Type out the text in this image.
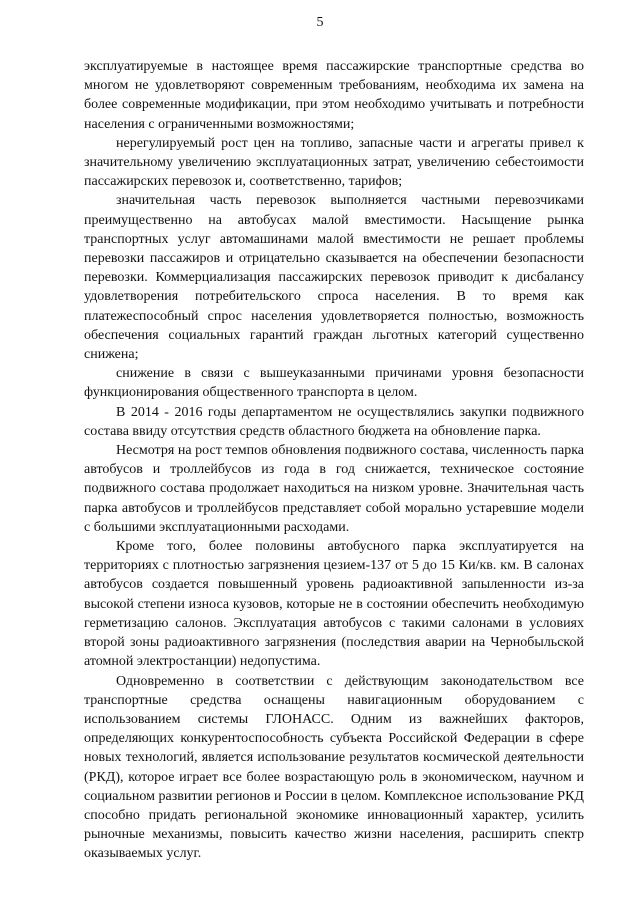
5

эксплуатируемые в настоящее время пассажирские транспортные средства во многом не удовлетворяют современным требованиям, необходима их замена на более современные модификации, при этом необходимо учитывать и потребности населения с ограниченными возможностями;

нерегулируемый рост цен на топливо, запасные части и агрегаты привел к значительному увеличению эксплуатационных затрат, увеличению себестоимости пассажирских перевозок и, соответственно, тарифов;

значительная часть перевозок выполняется частными перевозчиками преимущественно на автобусах малой вместимости. Насыщение рынка транспортных услуг автомашинами малой вместимости не решает проблемы перевозки пассажиров и отрицательно сказывается на обеспечении безопасности перевозки. Коммерциализация пассажирских перевозок приводит к дисбалансу удовлетворения потребительского спроса населения. В то время как платежеспособный спрос населения удовлетворяется полностью, возможность обеспечения социальных гарантий граждан льготных категорий существенно снижена;

снижение в связи с вышеуказанными причинами уровня безопасности функционирования общественного транспорта в целом.

В 2014 - 2016 годы департаментом не осуществлялись закупки подвижного состава ввиду отсутствия средств областного бюджета на обновление парка.

Несмотря на рост темпов обновления подвижного состава, численность парка автобусов и троллейбусов из года в год снижается, техническое состояние подвижного состава продолжает находиться на низком уровне. Значительная часть парка автобусов и троллейбусов представляет собой морально устаревшие модели с большими эксплуатационными расходами.

Кроме того, более половины автобусного парка эксплуатируется на территориях с плотностью загрязнения цезием-137 от 5 до 15 Ки/кв. км. В салонах автобусов создается повышенный уровень радиоактивной запыленности из-за высокой степени износа кузовов, которые не в состоянии обеспечить необходимую герметизацию салонов. Эксплуатация автобусов с такими салонами в условиях второй зоны радиоактивного загрязнения (последствия аварии на Чернобыльской атомной электростанции) недопустима.

Одновременно в соответствии с действующим законодательством все транспортные средства оснащены навигационным оборудованием с использованием системы ГЛОНАСС. Одним из важнейших факторов, определяющих конкурентоспособность субъекта Российской Федерации в сфере новых технологий, является использование результатов космической деятельности (РКД), которое играет все более возрастающую роль в экономическом, научном и социальном развитии регионов и России в целом. Комплексное использование РКД способно придать региональной экономике инновационный характер, усилить рыночные механизмы, повысить качество жизни населения, расширить спектр оказываемых услуг.
